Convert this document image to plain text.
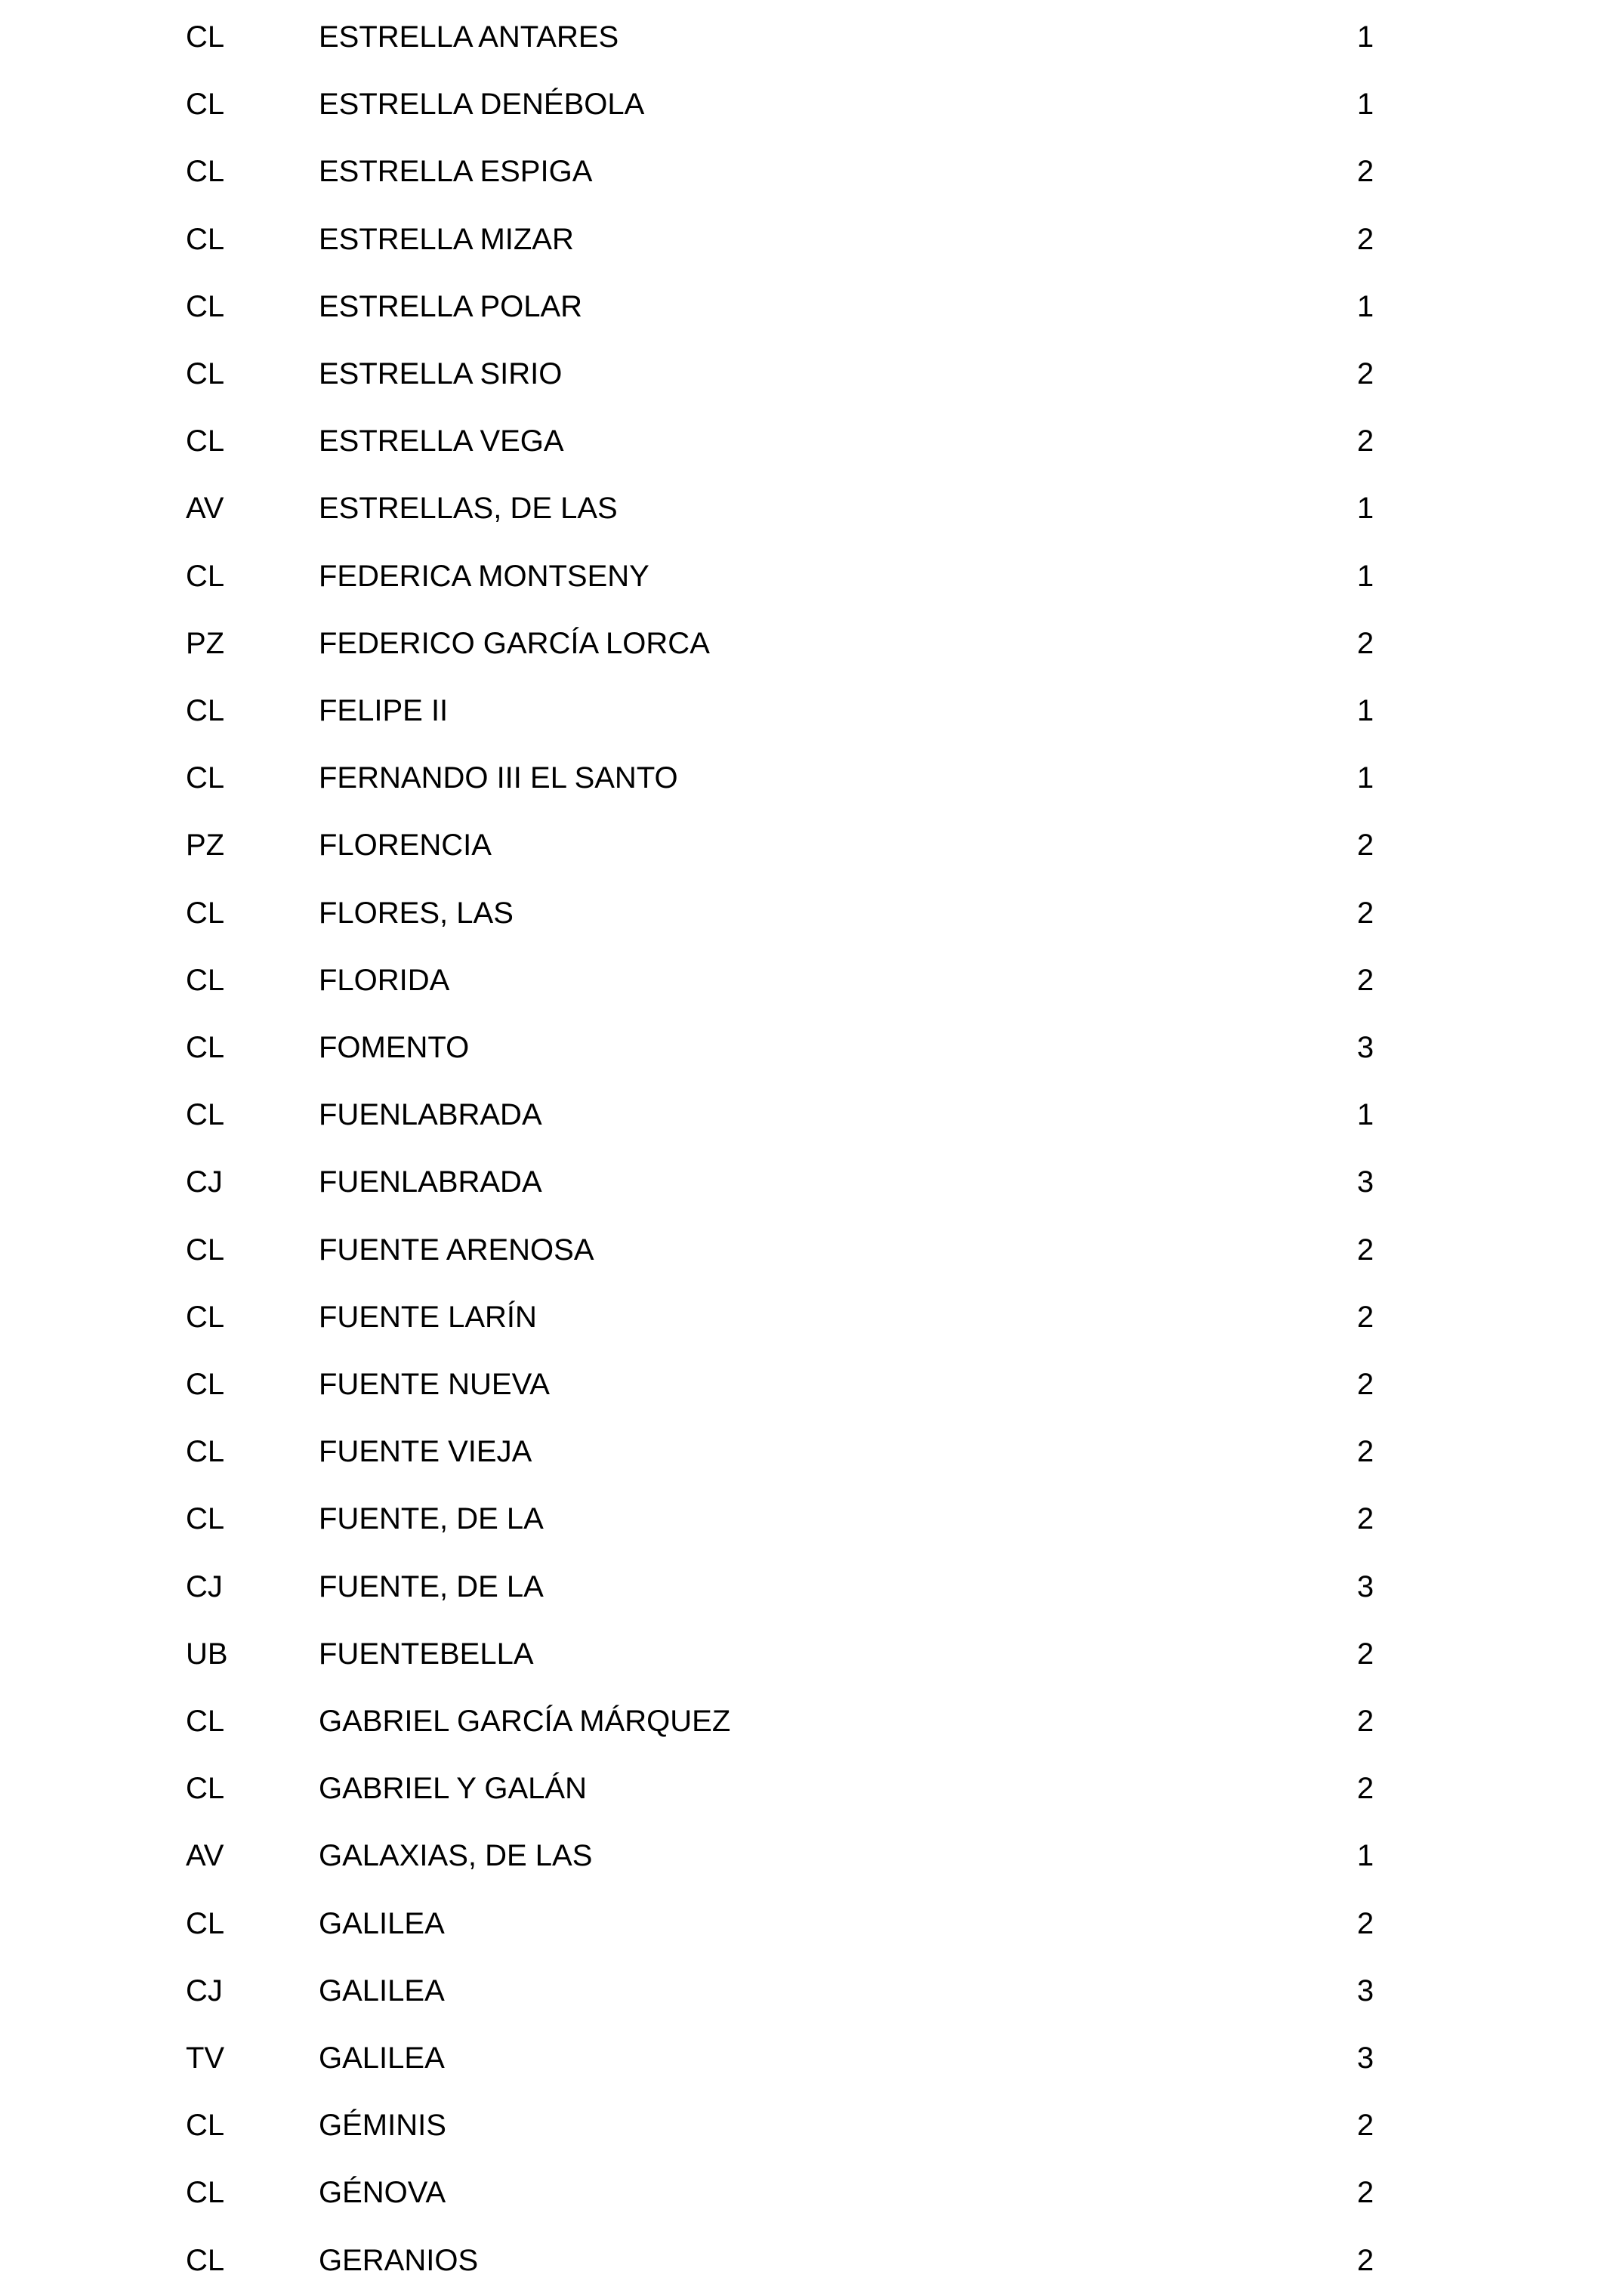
CL	ESTRELLA ANTARES	1
CL	ESTRELLA DENÉBOLA	1
CL	ESTRELLA ESPIGA	2
CL	ESTRELLA MIZAR	2
CL	ESTRELLA POLAR	1
CL	ESTRELLA SIRIO	2
CL	ESTRELLA VEGA	2
AV	ESTRELLAS, DE LAS	1
CL	FEDERICA MONTSENY	1
PZ	FEDERICO GARCÍA LORCA	2
CL	FELIPE II	1
CL	FERNANDO III EL SANTO	1
PZ	FLORENCIA	2
CL	FLORES, LAS	2
CL	FLORIDA	2
CL	FOMENTO	3
CL	FUENLABRADA	1
CJ	FUENLABRADA	3
CL	FUENTE ARENOSA	2
CL	FUENTE LARÍN	2
CL	FUENTE NUEVA	2
CL	FUENTE VIEJA	2
CL	FUENTE, DE LA	2
CJ	FUENTE, DE LA	3
UB	FUENTEBELLA	2
CL	GABRIEL GARCÍA MÁRQUEZ	2
CL	GABRIEL Y GALÁN	2
AV	GALAXIAS, DE LAS	1
CL	GALILEA	2
CJ	GALILEA	3
TV	GALILEA	3
CL	GÉMINIS	2
CL	GÉNOVA	2
CL	GERANIOS	2
